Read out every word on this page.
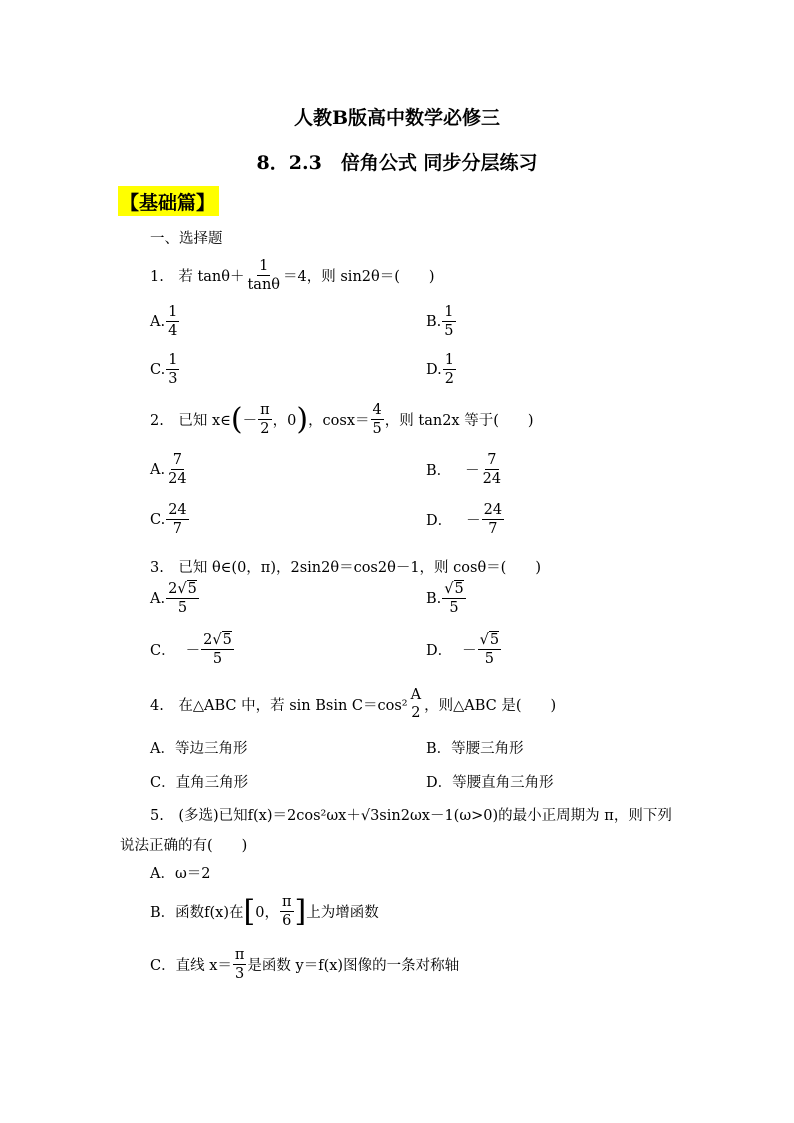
人教B版高中数学必修三
8．2.3　倍角公式 同步分层练习
【基础篇】
一、选择题
1.　若 $\tan\theta+ \frac{1}{\tan\theta} =4$，则 sin2θ＝(　　)
A. $\frac{1}{4}$	B. $\frac{1}{5}$
C. $\frac{1}{3}$	D. $\frac{1}{2}$
2.　已知 x∈ ( － $\frac{\pi}{2}$ ，0 ) ，$\cos x= \frac{4}{5}$ ，则 tan2x 等于(　　)
A. $\frac{7}{24}$	B． － $\frac{7}{24}$
C. $\frac{24}{7}$	D． － $\frac{24}{7}$
3.　已知 θ∈(0，π)，2sin2θ＝cos2θ－1，则 cosθ＝(　　)
A. $\frac{2√5}{5}$	B. $\frac{√5}{5}$
C． － $\frac{2√5}{5}$	D． － $\frac{√5}{5}$
4.　在△ABC 中，若 sin Bsin C＝cos²
A
2 ，则△ABC 是(　　)
A．等边三角形	B．等腰三角形
C．直角三角形	D．等腰直角三角形
5.　(多选)已知f(x)＝2cos²ωx＋√3sin2ωx－1(ω>0)的最小正周期为 π，则下列
说法正确的有(　　)
A．ω＝2
B．函数f(x)在 [ 0， $\frac{\pi}{6}$ ] 上为增函数
C．直线 $x= \frac{\pi}{3}$ 是函数 y＝f(x)图像的一条对称轴
